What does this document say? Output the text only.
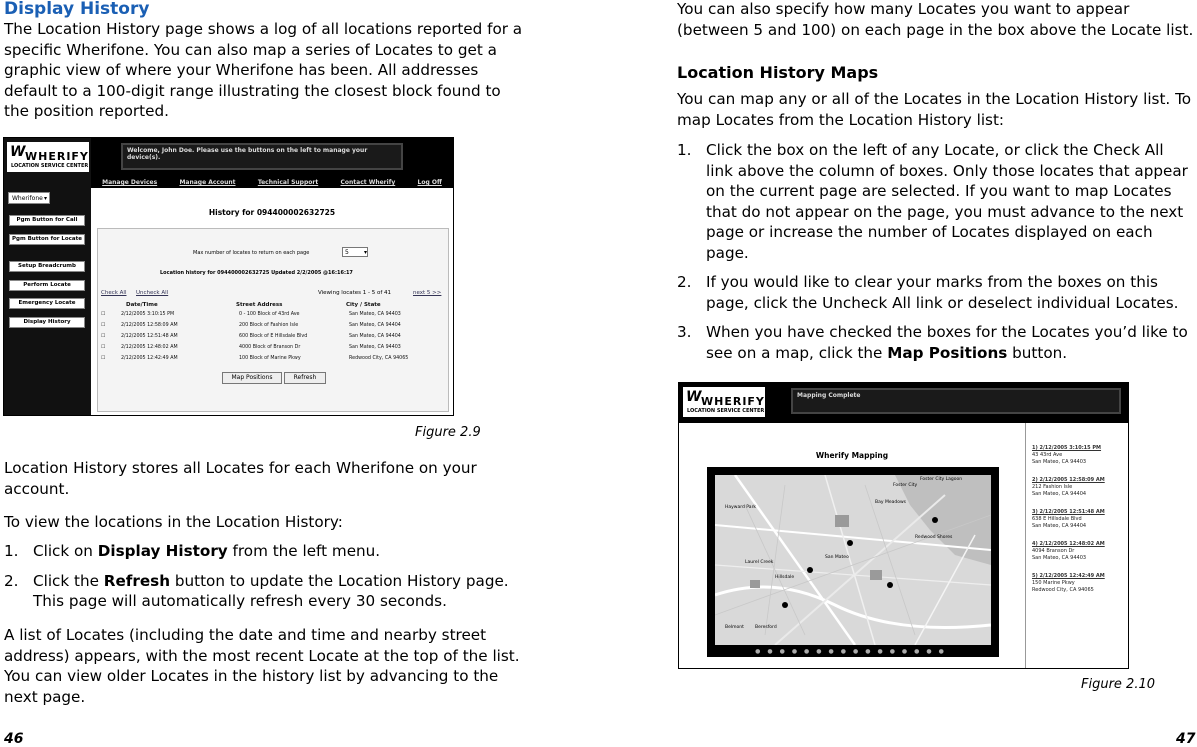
Display History

The Location History page shows a log of all locations reported for a specific Wherifone. You can also map a series of Locates to get a graphic view of where your Wherifone has been. All addresses default to a 100-digit range illustrating the closest block found to the position reported.

W WHERIFY
LOCATION SERVICE CENTER
Wherifone ▾
Pgm Button for Call
Pgm Button for Locate
Setup Breadcrumb
Perform Locate
Emergency Locate
Display History
Welcome, John Doe. Please use the buttons on the left to manage your device(s).
Manage Devices	Manage Account	Technical Support	Contact Wherify	Log Off
History for 094400002632725
Max number of locates to return on each page	5	▾
Location history for 094400002632725 Updated 2/2/2005 @16:16:17
Check All Uncheck All	Viewing locates 1 - 5 of 41	next 5 >>
Date/Time	Street Address	City / State
☐	2/12/2005 3:10:15 PM	0 - 100 Block of 43rd Ave	San Mateo, CA 94403
☐	2/12/2005 12:58:09 AM	200 Block of Fashion Isle	San Mateo, CA 94404
☐	2/12/2005 12:51:48 AM	600 Block of E Hillsdale Blvd	San Mateo, CA 94404
☐	2/12/2005 12:48:02 AM	4000 Block of Branson Dr	San Mateo, CA 94403
☐	2/12/2005 12:42:49 AM	100 Block of Marine Pkwy	Redwood City, CA 94065
Map Positions	Refresh
Figure 2.9

Location History stores all Locates for each Wherifone on your account.

To view the locations in the Location History:

1. Click on Display History from the left menu.
2. Click the Refresh button to update the Location History page. This page will automatically refresh every 30 seconds.

A list of Locates (including the date and time and nearby street address) appears, with the most recent Locate at the top of the list. You can view older Locates in the history list by advancing to the next page.

46

You can also specify how many Locates you want to appear (between 5 and 100) on each page in the box above the Locate list.

Location History Maps

You can map any or all of the Locates in the Location History list. To map Locates from the Location History list:

1. Click the box on the left of any Locate, or click the Check All link above the column of boxes. Only those locates that appear on the current page are selected. If you want to map Locates that do not appear on the page, you must advance to the next page or increase the number of Locates displayed on each page.
2. If you would like to clear your marks from the boxes on this page, click the Uncheck All link or deselect individual Locates.
3. When you have checked the boxes for the Locates you’d like to see on a map, click the Map Positions button.
W WHERIFY
LOCATION SERVICE CENTER
Mapping Complete
Wherify Mapping
Foster City
Foster City Lagoon
Bay Meadows
Hayward Park
Laurel Creek
Hillsdale
San Mateo
Beresford
Redwood Shores
Belmont
●●●●●●●●●●●●●●●●
1) 2/12/2005 3:10:15 PM
43 43rd Ave
San Mateo, CA 94403
2) 2/12/2005 12:58:09 AM
212 Fashion Isle
San Mateo, CA 94404
3) 2/12/2005 12:51:48 AM
638 E Hillsdale Blvd
San Mateo, CA 94404
4) 2/12/2005 12:48:02 AM
4094 Branson Dr
San Mateo, CA 94403
5) 2/12/2005 12:42:49 AM
150 Marine Pkwy
Redwood City, CA 94065
Figure 2.10
47
